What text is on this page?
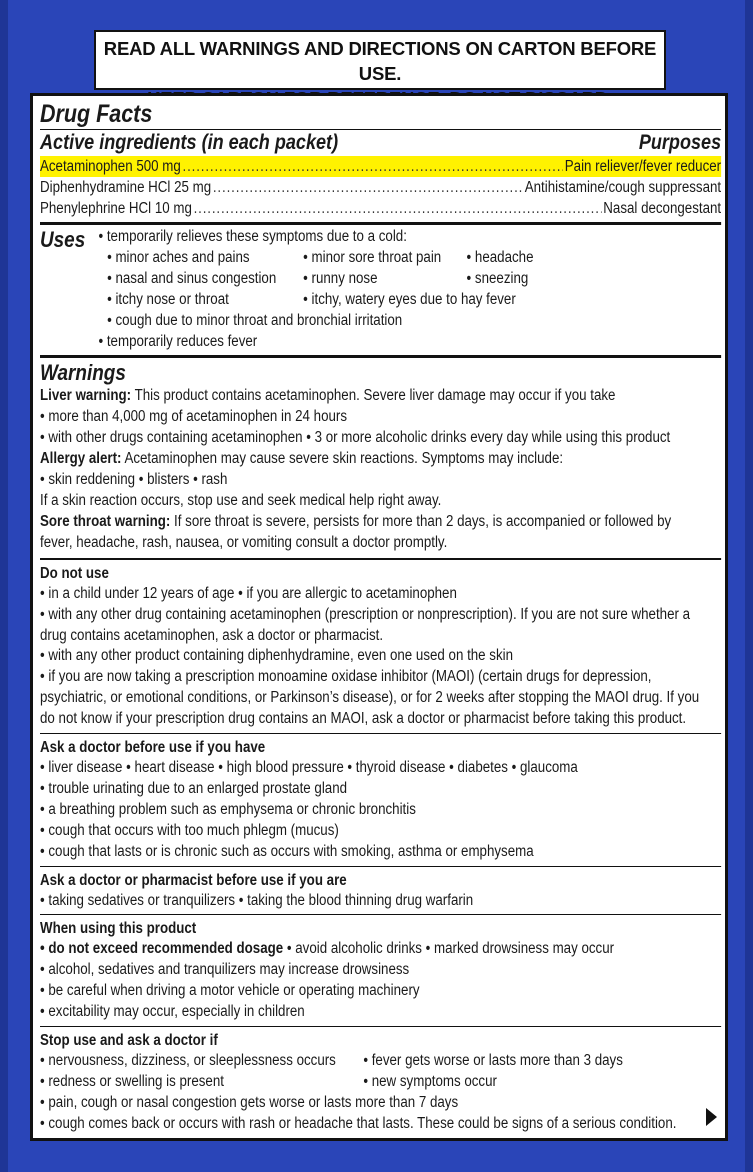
READ ALL WARNINGS AND DIRECTIONS ON CARTON BEFORE USE.
Drug Facts
Active ingredients (in each packet)	Purposes
Acetaminophen 500 mg .....	Pain reliever/fever reducer
Diphenhydramine HCl 25 mg .....	Antihistamine/cough suppressant
Phenylephrine HCl 10 mg .....	Nasal decongestant
Uses • temporarily relieves these symptoms due to a cold:
• minor aches and pains	• minor sore throat pain	• headache
• nasal and sinus congestion	• runny nose	• sneezing
• itchy nose or throat	• itchy, watery eyes due to hay fever
• cough due to minor throat and bronchial irritation
• temporarily reduces fever
Warnings
Liver warning: This product contains acetaminophen. Severe liver damage may occur if you take
• more than 4,000 mg of acetaminophen in 24 hours
• with other drugs containing acetaminophen • 3 or more alcoholic drinks every day while using this product
Allergy alert: Acetaminophen may cause severe skin reactions. Symptoms may include:
• skin reddening • blisters • rash
If a skin reaction occurs, stop use and seek medical help right away.
Sore throat warning: If sore throat is severe, persists for more than 2 days, is accompanied or followed by
fever, headache, rash, nausea, or vomiting consult a doctor promptly.
Do not use
• in a child under 12 years of age • if you are allergic to acetaminophen
• with any other drug containing acetaminophen (prescription or nonprescription). If you are not sure whether a
drug contains acetaminophen, ask a doctor or pharmacist.
• with any other product containing diphenhydramine, even one used on the skin
• if you are now taking a prescription monoamine oxidase inhibitor (MAOI) (certain drugs for depression,
psychiatric, or emotional conditions, or Parkinson’s disease), or for 2 weeks after stopping the MAOI drug. If you
do not know if your prescription drug contains an MAOI, ask a doctor or pharmacist before taking this product.
Ask a doctor before use if you have
• liver disease • heart disease • high blood pressure • thyroid disease • diabetes • glaucoma
• trouble urinating due to an enlarged prostate gland
• a breathing problem such as emphysema or chronic bronchitis
• cough that occurs with too much phlegm (mucus)
• cough that lasts or is chronic such as occurs with smoking, asthma or emphysema
Ask a doctor or pharmacist before use if you are
• taking sedatives or tranquilizers • taking the blood thinning drug warfarin
When using this product
• do not exceed recommended dosage • avoid alcoholic drinks • marked drowsiness may occur
• alcohol, sedatives and tranquilizers may increase drowsiness
• be careful when driving a motor vehicle or operating machinery
• excitability may occur, especially in children
Stop use and ask a doctor if
• nervousness, dizziness, or sleeplessness occurs	• fever gets worse or lasts more than 3 days
• redness or swelling is present	• new symptoms occur
• pain, cough or nasal congestion gets worse or lasts more than 7 days
• cough comes back or occurs with rash or headache that lasts. These could be signs of a serious condition.
